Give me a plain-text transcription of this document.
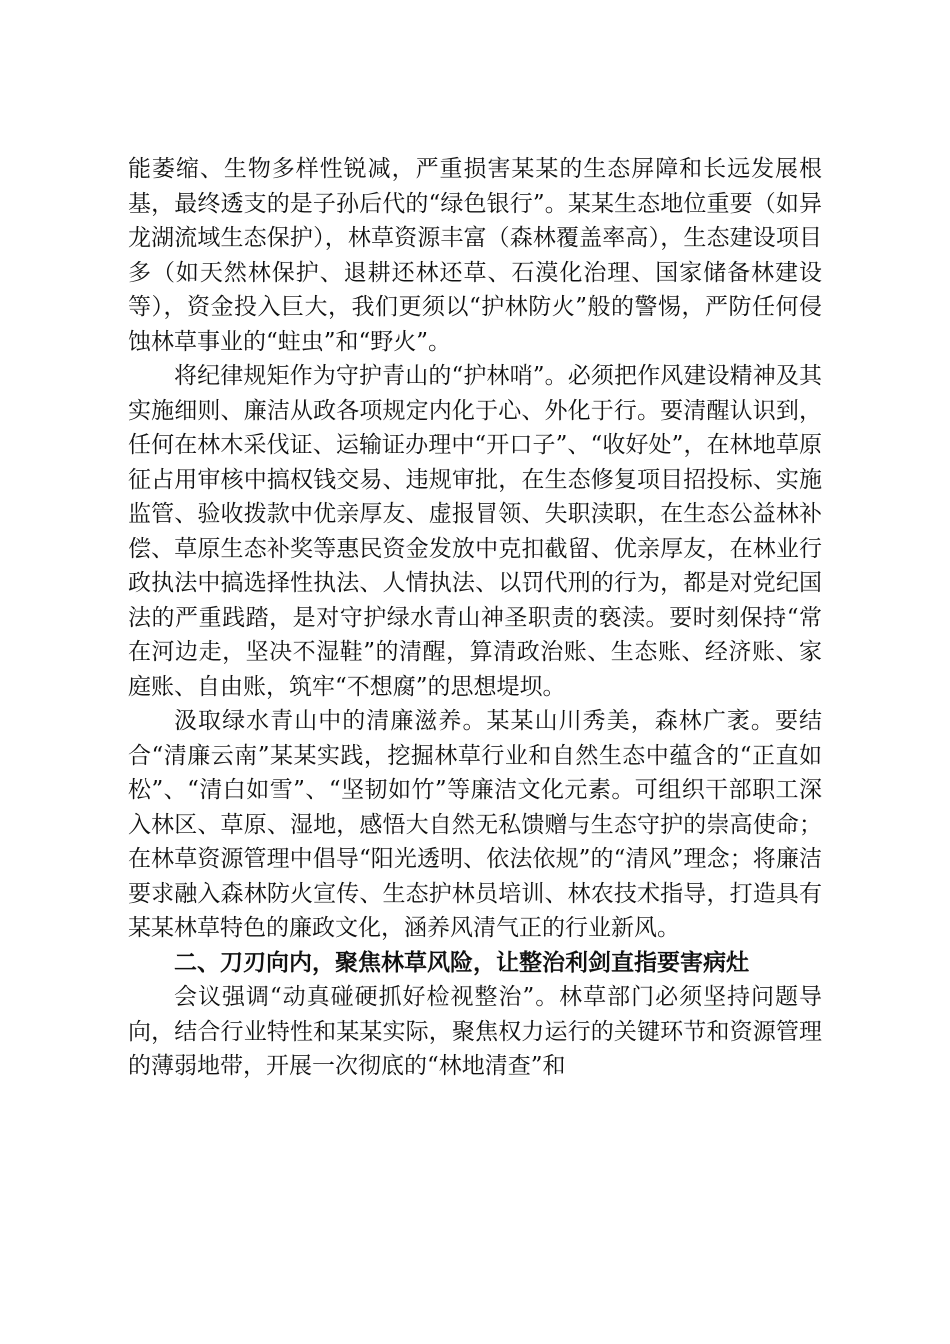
能萎缩、生物多样性锐减，严重损害某某的生态屏障和长远发展根基，最终透支的是子孙后代的“绿色银行”。某某生态地位重要（如异龙湖流域生态保护），林草资源丰富（森林覆盖率高），生态建设项目多（如天然林保护、退耕还林还草、石漠化治理、国家储备林建设等），资金投入巨大，我们更须以“护林防火”般的警惕，严防任何侵蚀林草事业的“蛀虫”和“野火”。

将纪律规矩作为守护青山的“护林哨”。必须把作风建设精神及其实施细则、廉洁从政各项规定内化于心、外化于行。要清醒认识到，任何在林木采伐证、运输证办理中“开口子”、“收好处”，在林地草原征占用审核中搞权钱交易、违规审批，在生态修复项目招投标、实施监管、验收拨款中优亲厚友、虚报冒领、失职渎职，在生态公益林补偿、草原生态补奖等惠民资金发放中克扣截留、优亲厚友，在林业行政执法中搞选择性执法、人情执法、以罚代刑的行为，都是对党纪国法的严重践踏，是对守护绿水青山神圣职责的亵渎。要时刻保持“常在河边走，坚决不湿鞋”的清醒，算清政治账、生态账、经济账、家庭账、自由账，筑牢“不想腐”的思想堤坝。

汲取绿水青山中的清廉滋养。某某山川秀美，森林广袤。要结合“清廉云南”某某实践，挖掘林草行业和自然生态中蕴含的“正直如松”、“清白如雪”、“坚韧如竹”等廉洁文化元素。可组织干部职工深入林区、草原、湿地，感悟大自然无私馈赠与生态守护的崇高使命；在林草资源管理中倡导“阳光透明、依法依规”的“清风”理念；将廉洁要求融入森林防火宣传、生态护林员培训、林农技术指导，打造具有某某林草特色的廉政文化，涵养风清气正的行业新风。

二、刀刃向内，聚焦林草风险，让整治利剑直指要害病灶

会议强调“动真碰硬抓好检视整治”。林草部门必须坚持问题导向，结合行业特性和某某实际，聚焦权力运行的关键环节和资源管理的薄弱地带，开展一次彻底的“林地清查”和
